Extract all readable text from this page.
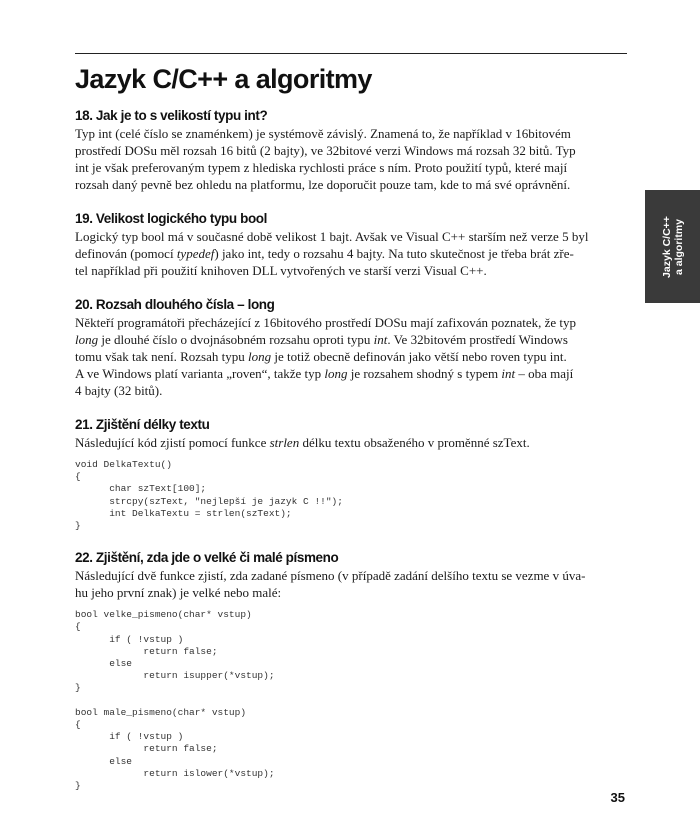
Jazyk C/C++ a algoritmy
18. Jak je to s velikostí typu int?

Typ int (celé číslo se znaménkem) je systémově závislý. Znamená to, že například v 16bitovém
prostředí DOSu měl rozsah 16 bitů (2 bajty), ve 32bitové verzi Windows má rozsah 32 bitů. Typ
int je však preferovaným typem z hlediska rychlosti práce s ním. Proto použití typů, které mají
rozsah daný pevně bez ohledu na platformu, lze doporučit pouze tam, kde to má své oprávnění.

19. Velikost logického typu bool

Logický typ bool má v současné době velikost 1 bajt. Avšak ve Visual C++ starším než verze 5 byl
definován (pomocí typedef) jako int, tedy o rozsahu 4 bajty. Na tuto skutečnost je třeba brát zře-
tel například při použití knihoven DLL vytvořených ve starší verzi Visual C++.

20. Rozsah dlouhého čísla – long

Někteří programátoři přecházející z 16bitového prostředí DOSu mají zafixován poznatek, že typ
long je dlouhé číslo o dvojnásobném rozsahu oproti typu int. Ve 32bitovém prostředí Windows
tomu však tak není. Rozsah typu long je totiž obecně definován jako větší nebo roven typu int.
A ve Windows platí varianta „roven“, takže typ long je rozsahem shodný s typem int – oba mají
4 bajty (32 bitů).

21. Zjištění délky textu

Následující kód zjistí pomocí funkce strlen délku textu obsaženého v proměnné szText.

void DelkaTextu()
{
char szText[100];
strcpy(szText, "nejlepší je jazyk C !!");
int DelkaTextu = strlen(szText);
}
22. Zjištění, zda jde o velké či malé písmeno

Následující dvě funkce zjistí, zda zadané písmeno (v případě zadání delšího textu se vezme v úva-
hu jeho první znak) je velké nebo malé:

bool velke_pismeno(char* vstup)
{
if ( !vstup )
return false;
else
return isupper(*vstup);
}

bool male_pismeno(char* vstup)
{
if ( !vstup )
return false;
else
return islower(*vstup);
}
Jazyk C/C++ a algoritmy
35
